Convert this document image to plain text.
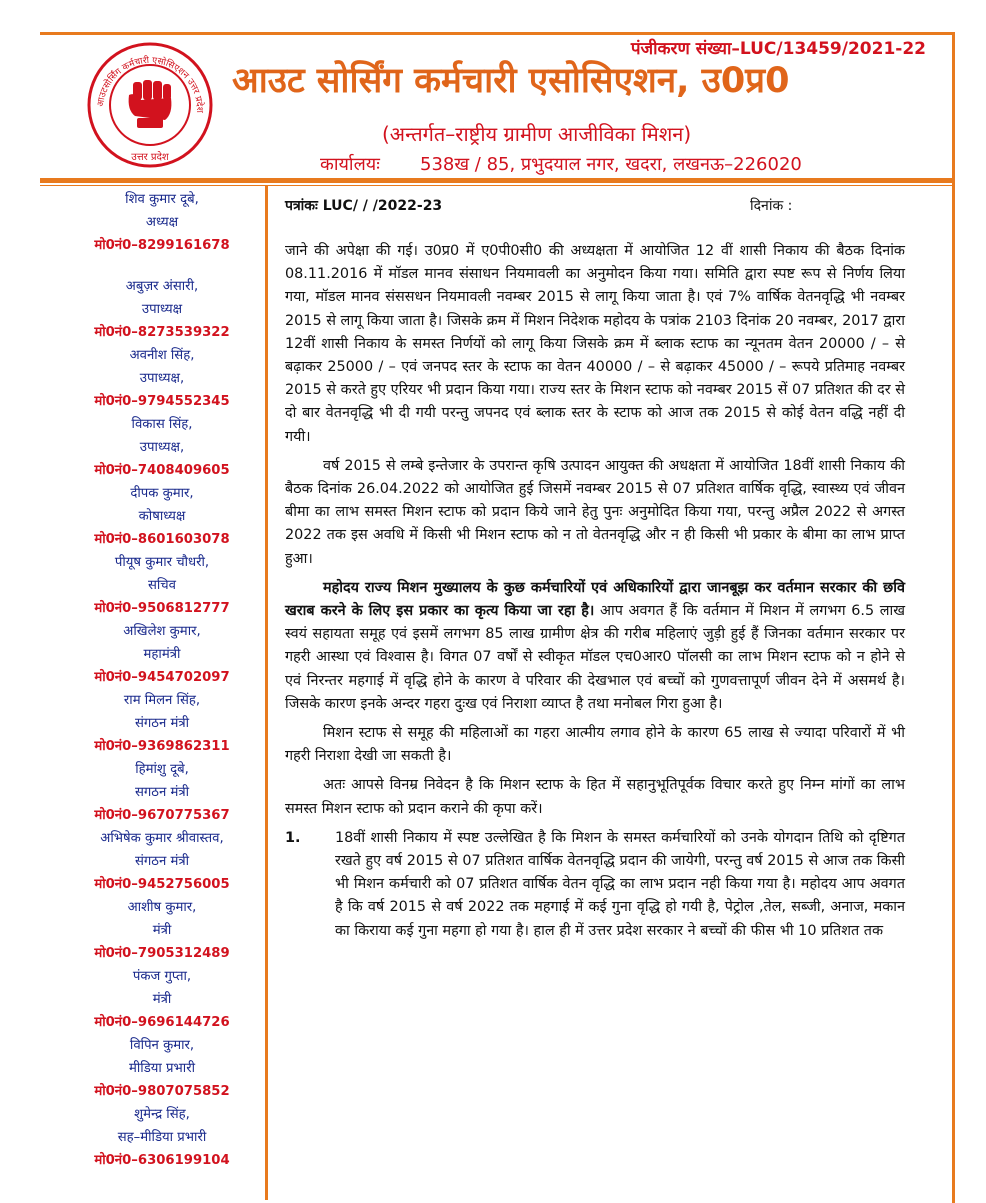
आउटसोर्सिंग कर्मचारी एसोसिएशन उत्तर प्रदेश
उत्तर प्रदेश
पंजीकरण संख्या–LUC/13459/2021-22
आउट सोर्सिंग कर्मचारी एसोसिएशन, उ0प्र0
(अन्तर्गत–राष्ट्रीय ग्रामीण आजीविका मिशन)
कार्यालयः 538ख / 85, प्रभुदयाल नगर, खदरा, लखनऊ–226020
शिव कुमार दूबे,
अध्यक्ष
मो0नं0–8299161678
अबुज़र अंसारी,
उपाध्यक्ष
मो0नं0–8273539322
अवनीश सिंह,
उपाध्यक्ष,
मो0नं0–9794552345
विकास सिंह,
उपाध्यक्ष,
मो0नं0–7408409605
दीपक कुमार,
कोषाध्यक्ष
मो0नं0–8601603078
पीयूष कुमार चौधरी,
सचिव
मो0नं0–9506812777
अखिलेश कुमार,
महामंत्री
मो0नं0–9454702097
राम मिलन सिंह,
संगठन मंत्री
मो0नं0–9369862311
हिमांशु दूबे,
सगठन मंत्री
मो0नं0–9670775367
अभिषेक कुमार श्रीवास्तव,
संगठन मंत्री
मो0नं0–9452756005
आशीष कुमार,
मंत्री
मो0नं0–7905312489
पंकज गुप्ता,
मंत्री
मो0नं0–9696144726
विपिन कुमार,
मीडिया प्रभारी
मो0नं0–9807075852
शुमेन्द्र सिंह,
सह–मीडिया प्रभारी
मो0नं0–6306199104
पत्रांकः LUC/ / /2022-23	दिनांक :

जाने की अपेक्षा की गई। उ0प्र0 में ए0पी0सी0 की अध्यक्षता में आयोजित 12 वीं शासी निकाय की बैठक दिनांक 08.11.2016 में मॉडल मानव संसाधन नियमावली का अनुमोदन किया गया। समिति द्वारा स्पष्ट रूप से निर्णय लिया गया, मॉडल मानव संससधन नियमावली नवम्बर 2015 से लागू किया जाता है। एवं 7% वार्षिक वेतनवृद्धि भी नवम्बर 2015 से लागू किया जाता है। जिसके क्रम में मिशन निदेशक महोदय के पत्रांक 2103 दिनांक 20 नवम्बर, 2017 द्वारा 12वीं शासी निकाय के समस्त निर्णयों को लागू किया जिसके क्रम में ब्लाक स्टाफ का न्यूनतम वेतन 20000 / – से बढ़ाकर 25000 / – एवं जनपद स्तर के स्टाफ का वेतन 40000 / – से बढ़ाकर 45000 / – रूपये प्रतिमाह नवम्बर 2015 से करते हुए एरियर भी प्रदान किया गया। राज्य स्तर के मिशन स्टाफ को नवम्बर 2015 सें 07 प्रतिशत की दर से दो बार वेतनवृद्धि भी दी गयी परन्तु जपनद एवं ब्लाक स्तर के स्टाफ को आज तक 2015 से कोई वेतन वद्धि नहीं दी गयी।

वर्ष 2015 से लम्बे इन्तेजार के उपरान्त कृषि उत्पादन आयुक्त की अधक्षता में आयोजित 18वीं शासी निकाय की बैठक दिनांक 26.04.2022 को आयोजित हुई जिसमें नवम्बर 2015 से 07 प्रतिशत वार्षिक वृद्धि, स्वास्थ्य एवं जीवन बीमा का लाभ समस्त मिशन स्टाफ को प्रदान किये जाने हेतु पुनः अनुमोदित किया गया, परन्तु अप्रैल 2022 से अगस्त 2022 तक इस अवधि में किसी भी मिशन स्टाफ को न तो वेतनवृद्धि और न ही किसी भी प्रकार के बीमा का लाभ प्राप्त हुआ।

महोदय राज्य मिशन मुख्यालय के कुछ कर्मचारियों एवं अधिकारियों द्वारा जानबूझ कर वर्तमान सरकार की छवि खराब करने के लिए इस प्रकार का कृत्य किया जा रहा है। आप अवगत हैं कि वर्तमान में मिशन में लगभग 6.5 लाख स्वयं सहायता समूह एवं इसमें लगभग 85 लाख ग्रामीण क्षेत्र की गरीब महिलाएं जुड़ी हुई हैं जिनका वर्तमान सरकार पर गहरी आस्था एवं विश्वास है। विगत 07 वर्षों से स्वीकृत मॉडल एच0आर0 पॉलसी का लाभ मिशन स्टाफ को न होने से एवं निरन्तर महगाई में वृद्धि होने के कारण वे परिवार की देखभाल एवं बच्चों को गुणवत्तापूर्ण जीवन देने में असमर्थ है। जिसके कारण इनके अन्दर गहरा दुःख एवं निराशा व्याप्त है तथा मनोबल गिरा हुआ है।

मिशन स्टाफ से समूह की महिलाओं का गहरा आत्मीय लगाव होने के कारण 65 लाख से ज्यादा परिवारों में भी गहरी निराशा देखी जा सकती है।

अतः आपसे विनम्र निवेदन है कि मिशन स्टाफ के हित में सहानुभूतिपूर्वक विचार करते हुए निम्न मांगों का लाभ समस्त मिशन स्टाफ को प्रदान कराने की कृपा करें।

1.	18वीं शासी निकाय में स्पष्ट उल्लेखित है कि मिशन के समस्त कर्मचारियों को उनके योगदान तिथि को दृष्टिगत रखते हुए वर्ष 2015 से 07 प्रतिशत वार्षिक वेतनवृद्धि प्रदान की जायेगी, परन्तु वर्ष 2015 से आज तक किसी भी मिशन कर्मचारी को 07 प्रतिशत वार्षिक वेतन वृद्धि का लाभ प्रदान नही किया गया है। महोदय आप अवगत है कि वर्ष 2015 से वर्ष 2022 तक महगाई में कई गुना वृद्धि हो गयी है, पेट्रोल ,तेल, सब्जी, अनाज, मकान का किराया कई गुना महगा हो गया है। हाल ही में उत्तर प्रदेश सरकार ने बच्चों की फीस भी 10 प्रतिशत तक
